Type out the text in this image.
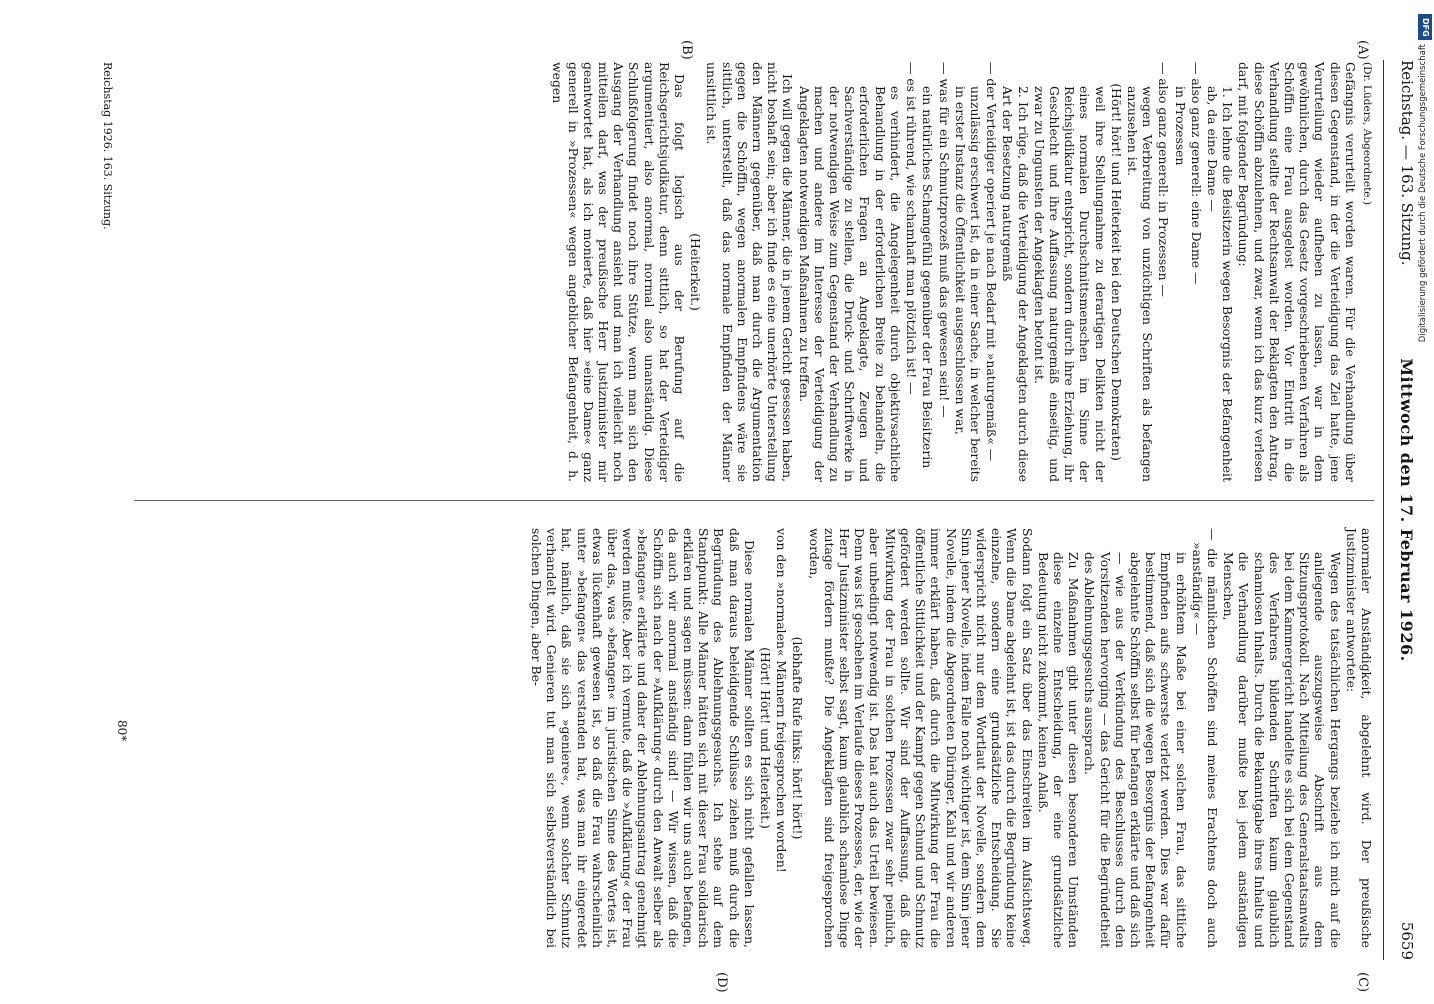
Reichstag. — 163. Sitzung.
Mittwoch den 17. Februar 1926.
5659
(A)
(B)
(C)
(D)

(Dr. Lüders, Abgeordnete.)

Gefängnis verurteilt worden waren. Für die Verhandlung über diesen Gegenstand, in der die Verteidigung das Ziel hatte, jene Verurteilung wieder aufheben zu lassen, war in dem gewöhnlichen, durch das Gesetz vorgeschriebenen Verfahren als Schöffin eine Frau ausgelost worden. Vor Eintritt in die Verhandlung stellte der Rechtsanwalt der Beklagten den Antrag, diese Schöffin abzulehnen, und zwar, wenn ich das kurz verlesen darf, mit folgender Begründung:

1. Ich lehne die Beisitzerin wegen Besorgnis der Befangenheit ab, da eine Dame —

— also ganz generell: eine Dame —

in Prozessen

— also ganz generell: in Prozessen —

wegen Verbreitung von unzüchtigen Schriften als befangen anzusehen ist.

(Hört! hört! und Heiterkeit bei den Deutschen Demokraten)

weil ihre Stellungnahme zu derartigen Delikten nicht der eines normalen Durchschnittsmenschen im Sinne der Reichsjudikatur entspricht, sondern durch ihre Erziehung, ihr Geschlecht und ihre Auffassung naturgemäß einseitig, und zwar zu Ungunsten der Angeklagten betont ist.

2. Ich rüge, daß die Verteidigung der Angeklagten durch diese Art der Besetzung naturgemäß

— der Verteidiger operiert je nach Bedarf mit »naturgemäß« —

unzulässig erschwert ist, da in einer Sache, in welcher bereits in erster Instanz die Öffentlichkeit ausgeschlossen war,

— was für ein Schmutzprozeß muß das gewesen sein! —

ein natürliches Schamgefühl gegenüber der Frau Beisitzerin

— es ist rührend, wie schamhaft man plötzlich ist! —

es verhindert, die Angelegenheit durch objektivsachliche Behandlung in der erforderlichen Breite zu behandeln, die erforderlichen Fragen an Angeklagte, Zeugen und Sachverständige zu stellen, die Druck- und Schriftwerke in der notwendigen Weise zum Gegenstand der Verhandlung zu machen und andere im Interesse der Verteidigung der Angeklagten notwendigen Maßnahmen zu treffen.

Ich will gegen die Männer, die in jenem Gericht gesessen haben, nicht boshaft sein; aber ich finde es eine unerhörte Unterstellung den Männern gegenüber, daß man durch die Argumentation gegen die Schöffin, wegen anormalen Empfindens wäre sie sittlich, unterstellt, daß das normale Empfinden der Männer unsittlich ist.

(Heiterkeit.)

Das folgt logisch aus der Berufung auf die Reichsgerichtsjudikatur, denn sittlich, so hat der Verteidiger argumentiert, also anormal, normal also unanständig. Diese Schlußfolgerung findet noch ihre Stütze, wenn man sich den Ausgang der Verhandlung ansieht und man ich vielleicht noch mitteilen darf, was der preußische Herr Justizminister mir geantwortet hat, als ich monierte, daß hier »eine Dame« ganz generell in »Prozessen« wegen angeblicher Befangenheit, d. h. wegen

anormaler Anständigkeit, abgelehnt wird. Der preußische Justizminister antwortete:

Wegen des tatsächlichen Hergangs beziehe ich mich auf die anliegende auszugsweise Abschrift aus dem Sitzungsprotokoll. Nach Mitteilung des Generalstaatsanwalts bei dem Kammergericht handelte es sich bei dem Gegenstand des Verfahrens bildenden Schriften kaum glaublich schamlosen Inhalts. Durch die Bekanntgabe ihres Inhalts und die Verhandlung darüber mußte bei jedem anständigen Menschen,

— die männlichen Schöffen sind meines Erachtens doch auch »anständig« —

in erhöhtem Maße bei einer solchen Frau, das sittliche Empfinden aufs schwerste verletzt werden. Dies war dafür bestimmend, daß sich die wegen Besorgnis der Befangenheit abgelehnte Schöffin selbst für befangen erklärte und daß sich — wie aus der Verkündung des Beschlusses durch den Vorsitzenden hervorging — das Gericht für die Begründetheit des Ablehnungsgesuchs aussprach.

Zu Maßnahmen gibt unter diesen besonderen Umständen diese einzelne Entscheidung, der eine grundsätzliche Bedeutung nicht zukommt, keinen Anlaß.

Sodann folgt ein Satz über das Einschreiten im Aufsichtsweg. Wenn die Dame abgelehnt ist, ist das durch die Begründung keine einzelne, sondern eine grundsätzliche Entscheidung. Sie widerspricht nicht nur dem Wortlaut der Novelle, sondern dem Sinn jener Novelle, indem Falle noch wichtiger ist, dem Sinn jener Novelle, indem die Abgeordneten Düringer, Kahl und wir anderen immer erklärt haben, daß durch die Mitwirkung der Frau die öffentliche Sittlichkeit und der Kampf gegen Schund und Schmutz gefördert werden sollte. Wir sind der Auffassung, daß die Mitwirkung der Frau in solchen Prozessen zwar sehr peinlich, aber unbedingt notwendig ist. Das hat auch das Urteil bewiesen. Denn was ist geschehen im Verlaufe dieses Prozesses, der, wie der Herr Justizminister selbst sagt, kaum glaublich schamlose Dinge zutage fördern mußte? Die Angeklagten sind freigesprochen worden,

(lebhafte Rufe links: hört! hört!)

von den »normalen« Männern freigesprochen worden!

(Hört! Hört! und Heiterkeit.)

Diese normalen Männer sollten es sich nicht gefallen lassen, daß man daraus beleidigende Schlüsse ziehen muß durch die Begründung des Ablehnungsgesuchs. Ich stehe auf dem Standpunkt: Alle Männer hätten sich mit dieser Frau solidarisch erklären und sagen müssen: dann fühlen wir uns auch befangen, da auch wir anormal anständig sind! — Wir wissen, daß die Schöffin sich nach der »Aufklärung« durch den Anwalt selber als »befangen« erklärte und daher der Ablehnungsantrag genehmigt werden mußte. Aber ich vermute, daß die »Aufklärung« der Frau über das, was »befangen« im juristischen Sinne des Wortes ist, etwas lückenhaft gewesen ist, so daß die Frau wahrscheinlich unter »befangen« das verstanden hat, was man ihr eingeredet hat, nämlich, daß sie sich »geniere«, wenn solcher Schmutz verhandelt wird. Genieren tut man sich selbstverständlich bei solchen Dingen, aber Be-

Reichstag 1926. 163. Sitzung.
80*
DFG
Digitalisierung gefördert durch die Deutsche Forschungsgemeinschaft
